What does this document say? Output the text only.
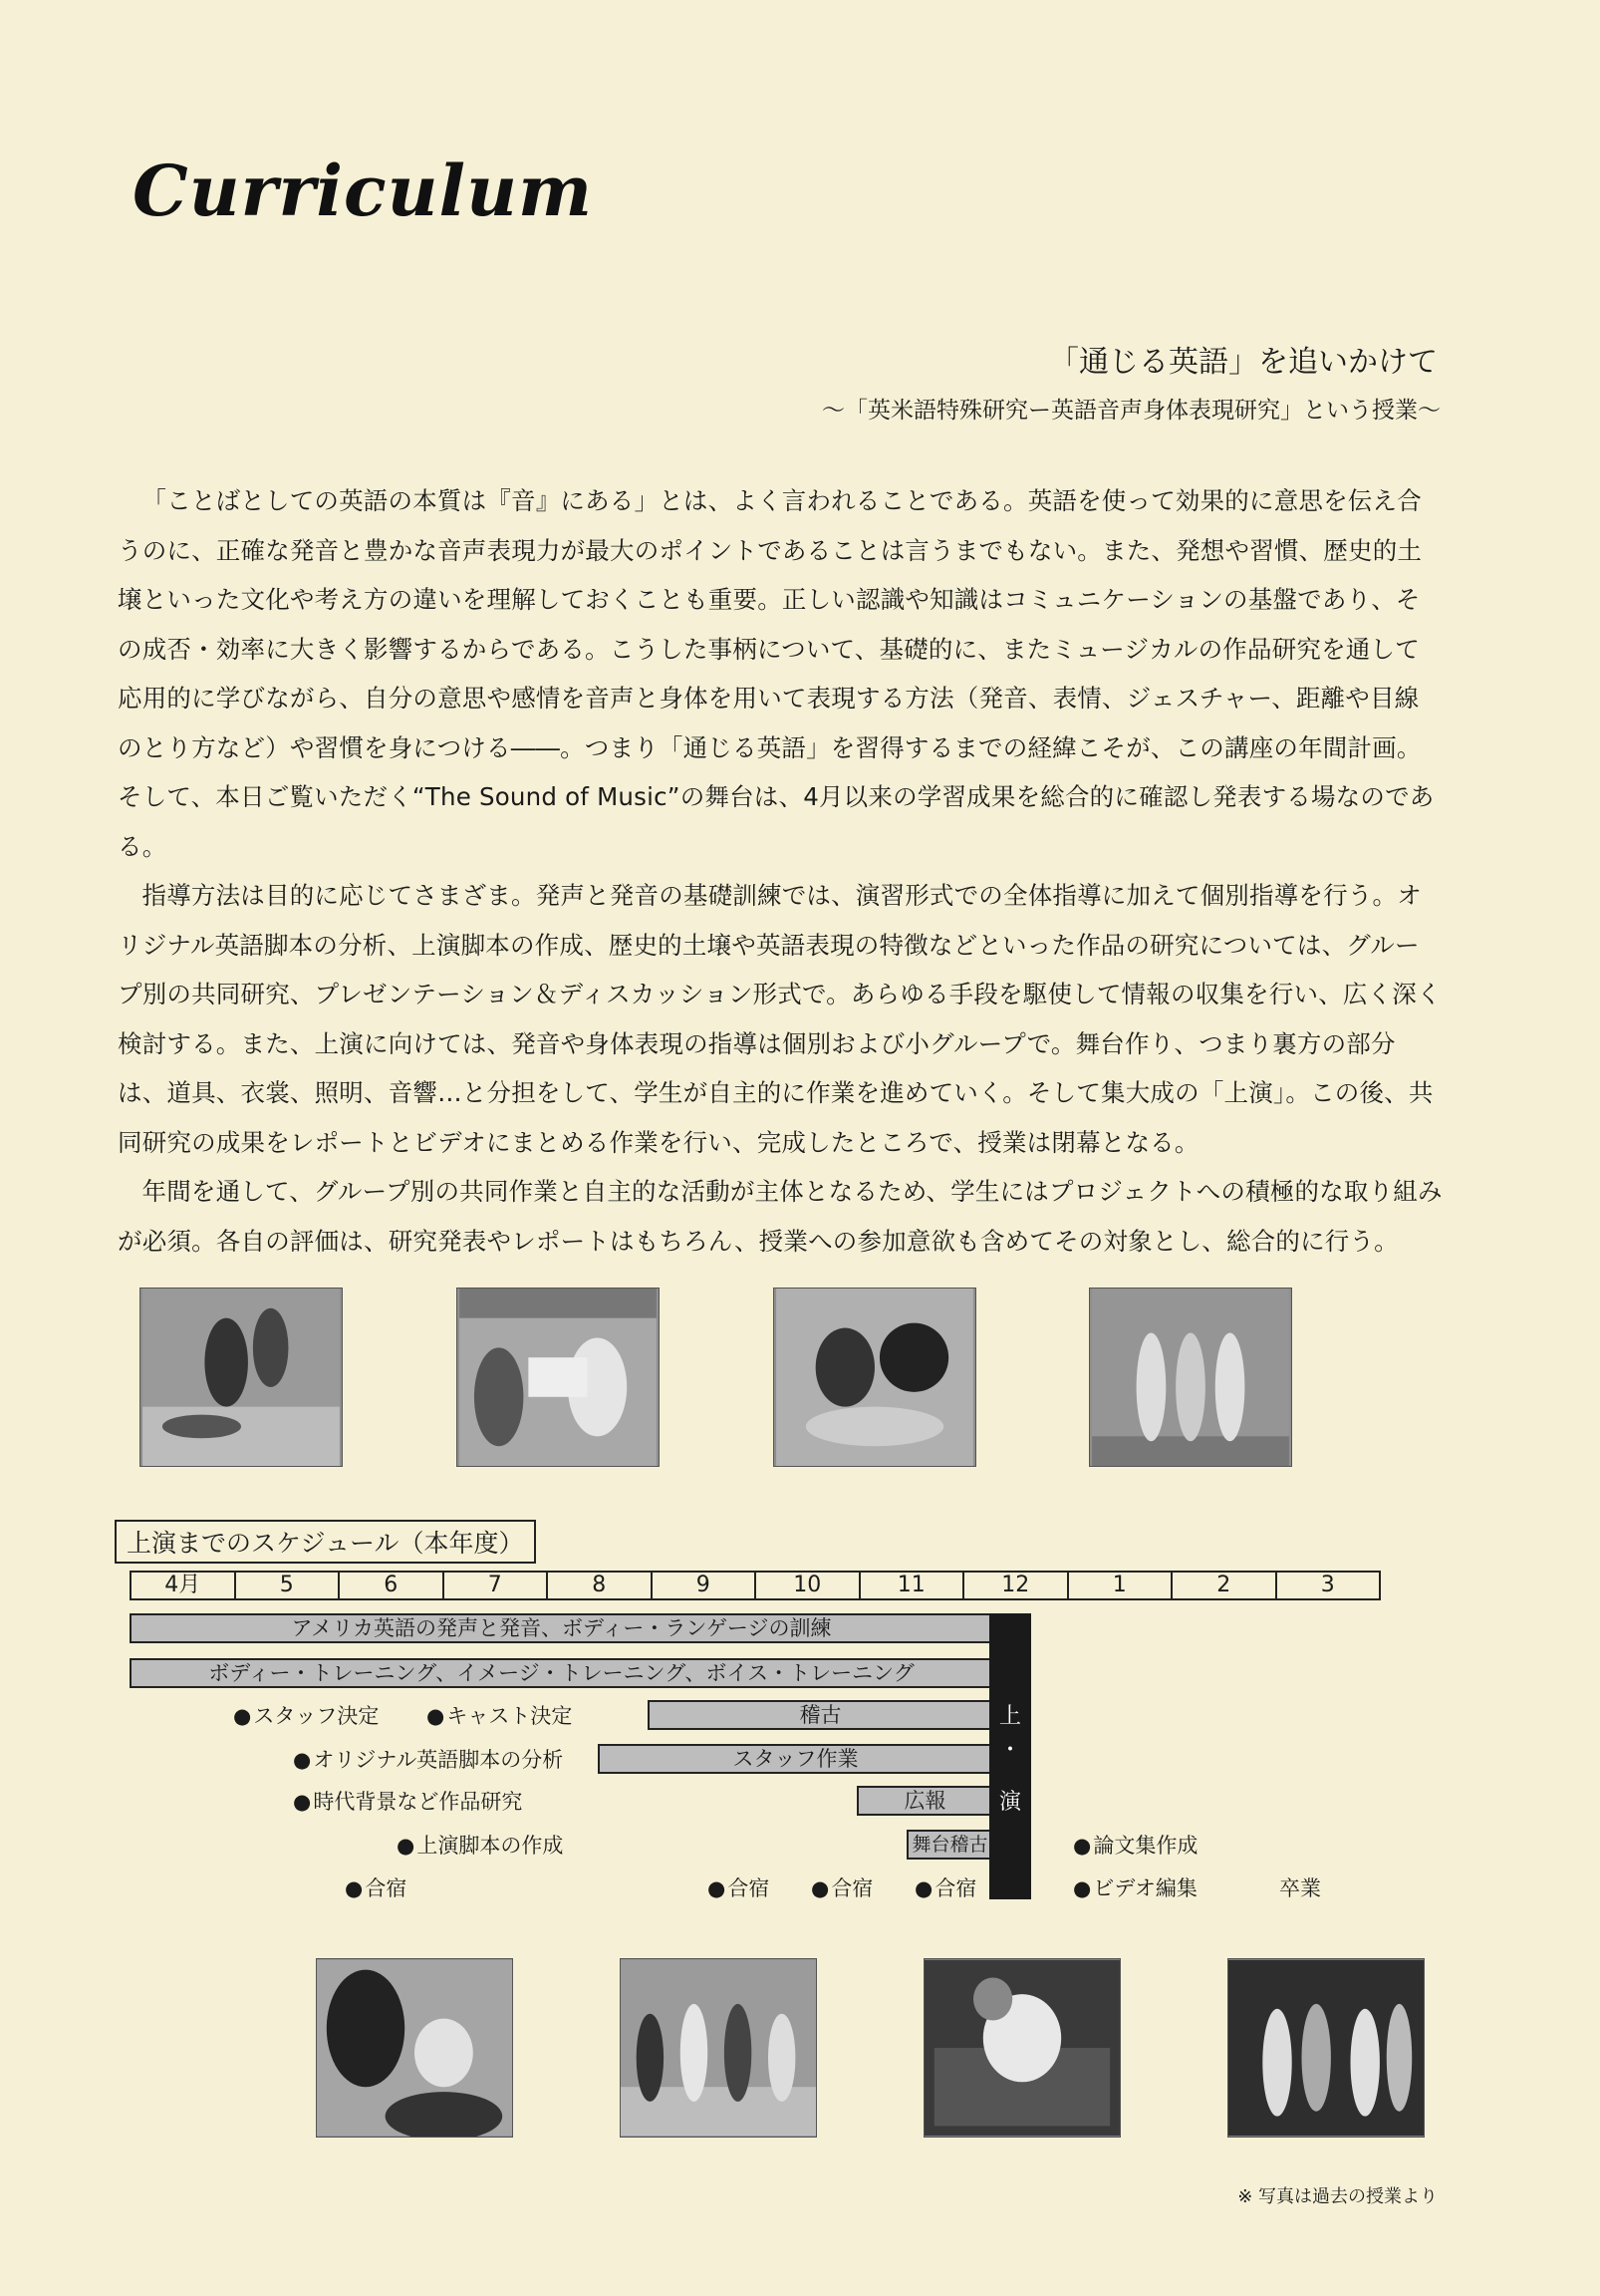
Curriculum
「通じる英語」を追いかけて
〜「英米語特殊研究ー英語音声身体表現研究」という授業〜

「ことばとしての英語の本質は『音』にある」とは、よく言われることである。英語を使って効果的に意思を伝え合うのに、正確な発音と豊かな音声表現力が最大のポイントであることは言うまでもない。また、発想や習慣、歴史的土壌といった文化や考え方の違いを理解しておくことも重要。正しい認識や知識はコミュニケーションの基盤であり、その成否・効率に大きく影響するからである。こうした事柄について、基礎的に、またミュージカルの作品研究を通して応用的に学びながら、自分の意思や感情を音声と身体を用いて表現する方法（発音、表情、ジェスチャー、距離や目線のとり方など）や習慣を身につける――。つまり「通じる英語」を習得するまでの経緯こそが、この講座の年間計画。そして、本日ご覧いただく“The Sound of Music”の舞台は、4月以来の学習成果を総合的に確認し発表する場なのである。

指導方法は目的に応じてさまざま。発声と発音の基礎訓練では、演習形式での全体指導に加えて個別指導を行う。オリジナル英語脚本の分析、上演脚本の作成、歴史的土壌や英語表現の特徴などといった作品の研究については、グループ別の共同研究、プレゼンテーション＆ディスカッション形式で。あらゆる手段を駆使して情報の収集を行い、広く深く検討する。また、上演に向けては、発音や身体表現の指導は個別および小グループで。舞台作り、つまり裏方の部分は、道具、衣裳、照明、音響…と分担をして、学生が自主的に作業を進めていく。そして集大成の「上演」。この後、共同研究の成果をレポートとビデオにまとめる作業を行い、完成したところで、授業は閉幕となる。

年間を通して、グループ別の共同作業と自主的な活動が主体となるため、学生にはプロジェクトへの積極的な取り組みが必須。各自の評価は、研究発表やレポートはもちろん、授業への参加意欲も含めてその対象とし、総合的に行う。

上演までのスケジュール（本年度）
4月	5	6	7	8	9	10	11	12	1	2	3
アメリカ英語の発声と発音、ボディー・ランゲージの訓練
ボディー・トレーニング、イメージ・トレーニング、ボイス・トレーニング
稽古
スタッフ作業
広報
舞台稽古
上
・
演
●スタッフ決定 ●キャスト決定
●オリジナル英語脚本の分析
●時代背景など作品研究
●上演脚本の作成
●合宿	●合宿 ●合宿 ●合宿
●論文集作成
●ビデオ編集	卒業
※ 写真は過去の授業より
